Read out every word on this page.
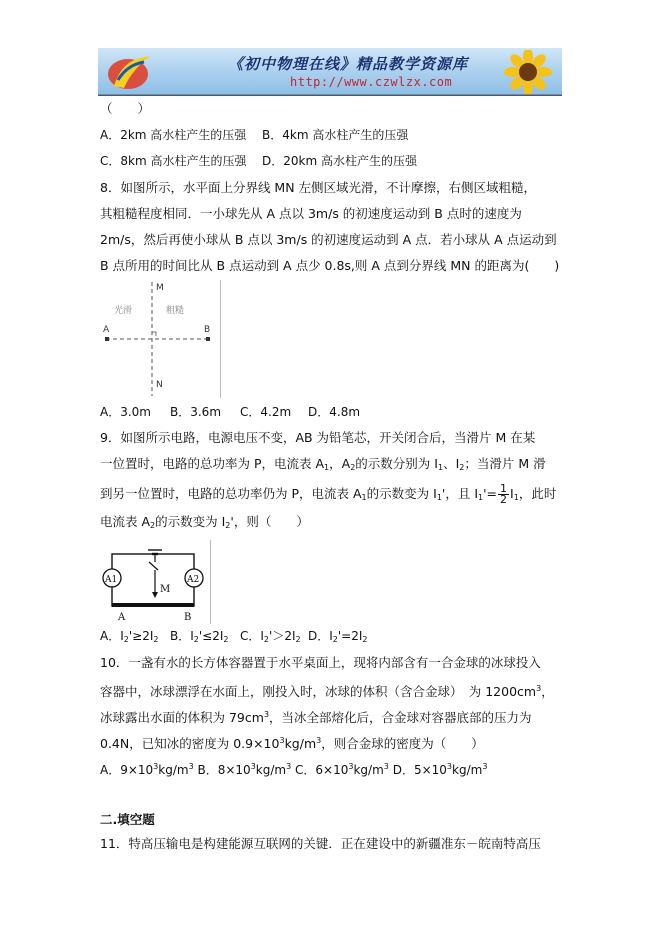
《初中物理在线》精品教学资源库
http://www.czwlzx.com
（　　）
A．2km 高水柱产生的压强 B．4km 高水柱产生的压强
C．8km 高水柱产生的压强 D．20km 高水柱产生的压强
8．如图所示，水平面上分界线 MN 左侧区域光滑，不计摩擦，右侧区域粗糙，
其粗糙程度相同．一小球先从 A 点以 3m/s 的初速度运动到 B 点时的速度为
2m/s，然后再使小球从 B 点以 3m/s 的初速度运动到 A 点．若小球从 A 点运动到
B 点所用的时间比从 B 点运动到 A 点少 0.8s,则 A 点到分界线 MN 的距离为(　　)
M
N
A	B
光滑	粗糙
A．3.0m B．3.6m C．4.2m D．4.8m
9．如图所示电路，电源电压不变，AB 为铅笔芯，开关闭合后，当滑片 M 在某
一位置时，电路的总功率为 P，电流表 $A_1$，$A_2$的示数分别为 $I_1$、$I_2$；当滑片 M 滑
到另一位置时，电路的总功率仍为 P，电流表 $A_1$的示数变为 $I_1'$，且 $I_1'= \frac{1}{2} I_1$，此时
电流表 $A_2$的示数变为 $I_2'$，则（　　）
A1	A2
M
A	B
A．$I_2'\ge 2I_2$ B．$I_2'\le 2I_2$ C．$I_2'>2I_2$ D．$I_2'=2I_2$
10．一盏有水的长方体容器置于水平桌面上，现将内部含有一合金球的冰球投入
容器中，冰球漂浮在水面上，刚投入时，冰球的体积（含合金球）　为 $1200cm^3$，
冰球露出水面的体积为 $79cm^3$，当冰全部熔化后，合金球对容器底部的压力为
0.4N，已知冰的密度为 $0.9\times 10^3kg/m^3$，则合金球的密度为（　　）
A．$9\times 10^3kg/m^3$ B．$8\times 10^3kg/m^3$ C．$6\times 10^3kg/m^3$ D．$5\times 10^3kg/m^3$
二.填空题
11．特高压输电是构建能源互联网的关键．正在建设中的新疆准东－皖南特高压
